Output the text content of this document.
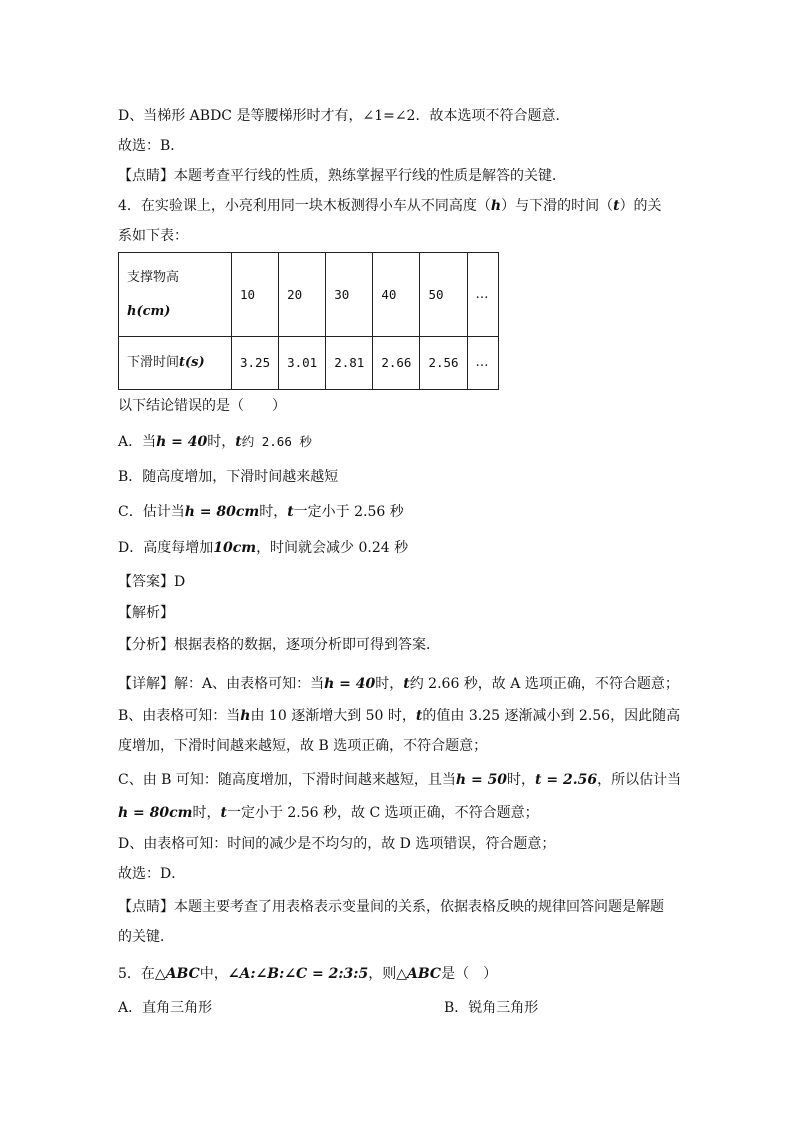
D、当梯形 ABDC 是等腰梯形时才有，∠1=∠2．故本选项不符合题意．
故选：B．
【点睛】本题考查平行线的性质，熟练掌握平行线的性质是解答的关键．
4．在实验课上，小亮利用同一块木板测得小车从不同高度（h）与下滑的时间（t）的关
系如下表：
支撑物高
h(cm)	10	20	30	40	50	…
下滑时间t(s)	3.25	3.01	2.81	2.66	2.56	…
以下结论错误的是（　　）
A．当h = 40时，t约 2.66 秒
B．随高度增加，下滑时间越来越短
C．估计当h = 80cm时，t一定小于 2.56 秒
D．高度每增加10cm，时间就会减少 0.24 秒
【答案】D
【解析】
【分析】根据表格的数据，逐项分析即可得到答案．
【详解】解：A、由表格可知：当h = 40时，t约 2.66 秒，故 A 选项正确，不符合题意；
B、由表格可知：当h由 10 逐渐增大到 50 时，t的值由 3.25 逐渐减小到 2.56，因此随高
度增加，下滑时间越来越短，故 B 选项正确，不符合题意；
C、由 B 可知：随高度增加，下滑时间越来越短，且当h = 50时，t = 2.56，所以估计当
h = 80cm时，t一定小于 2.56 秒，故 C 选项正确，不符合题意；
D、由表格可知：时间的减少是不均匀的，故 D 选项错误，符合题意；
故选：D．
【点睛】本题主要考查了用表格表示变量间的关系，依据表格反映的规律回答问题是解题
的关键．
5．在△ABC中，∠A:∠B:∠C = 2:3:5，则△ABC是（　）
A．直角三角形	B．锐角三角形
